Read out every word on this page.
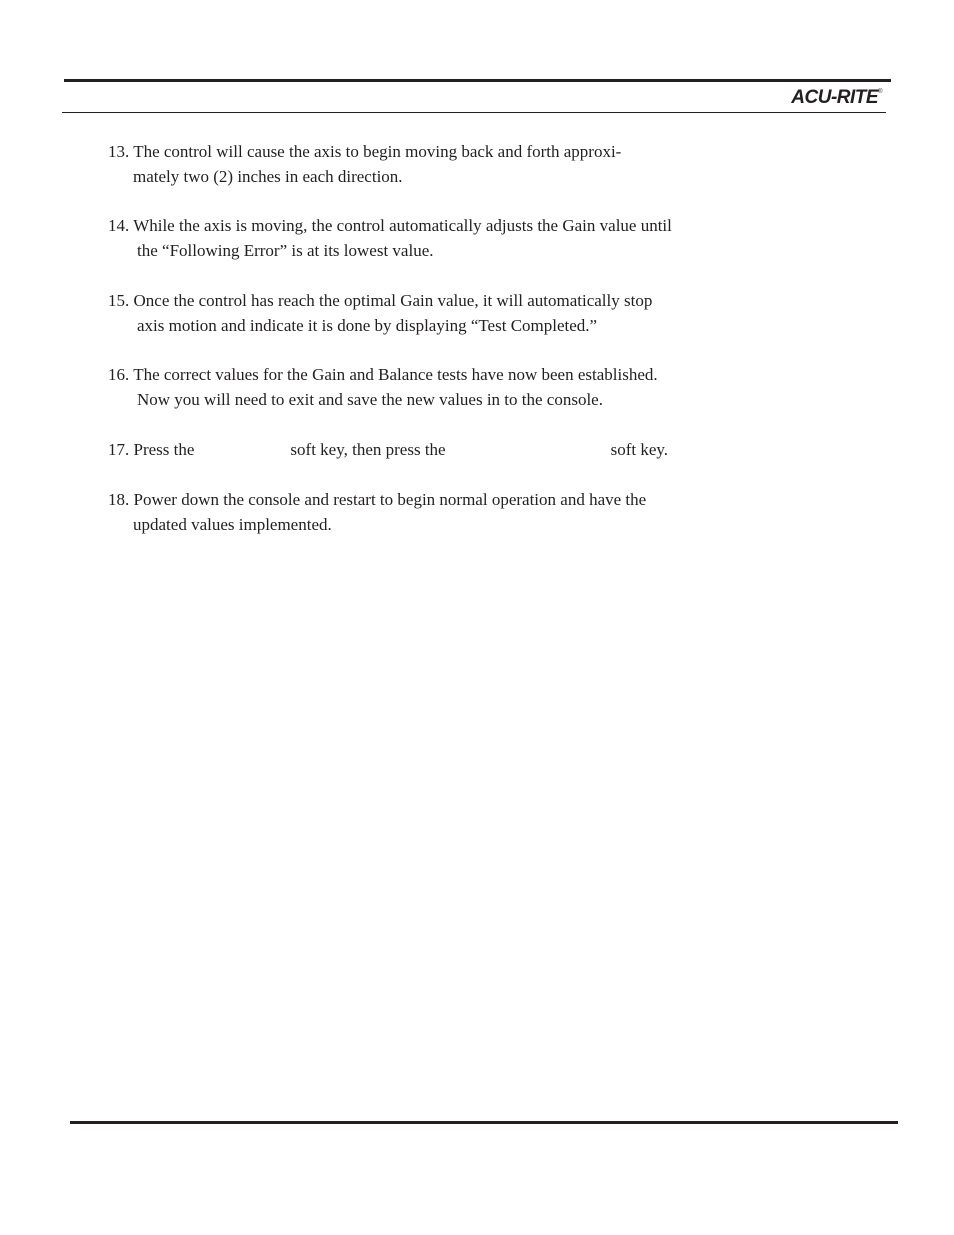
ACU-RITE®
13. The control will cause the axis to begin moving back and forth approxi-
mately two (2) inches in each direction.
14. While the axis is moving, the control automatically adjusts the Gain value until
the “Following Error” is at its lowest value.
15. Once the control has reach the optimal Gain value, it will automatically stop
axis motion and indicate it is done by displaying “Test Completed.”
16. The correct values for the Gain and Balance tests have now been established.
Now you will need to exit and save the new values in to the console.
17. Press the	soft key, then press the	soft key.
18. Power down the console and restart to begin normal operation and have the
updated values implemented.
